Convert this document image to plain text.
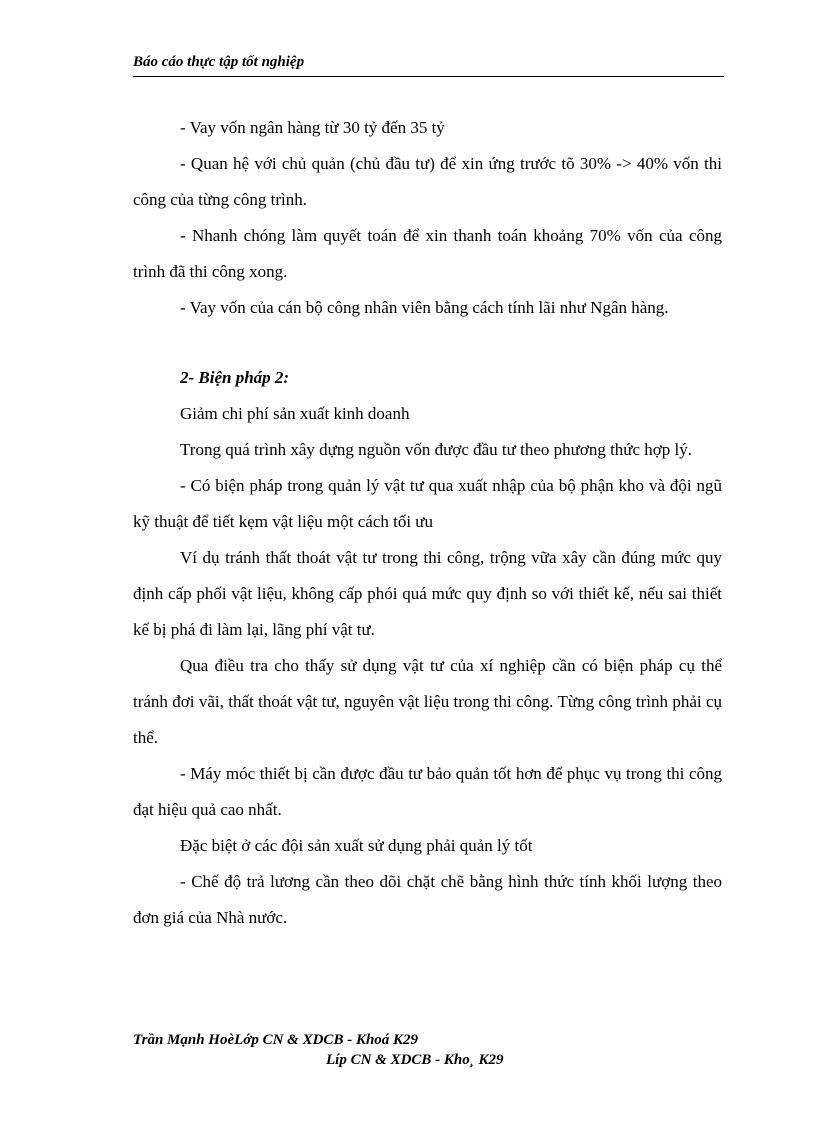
Báo cáo thực tập tốt nghiệp

- Vay vốn ngân hàng từ 30 tỷ đến 35 tỷ

- Quan hệ với chủ quản (chủ đầu tư) để xin ứng trước tõ 30% -> 40% vốn thi công của từng công trình.

- Nhanh chóng làm quyết toán để xin thanh toán khoảng 70% vốn của công trình đã thi công xong.

- Vay vốn của cán bộ công nhân viên bằng cách tính lãi như Ngân hàng.

2- Biện pháp 2:

Giảm chi phí sản xuất kinh doanh

Trong quá trình xây dựng nguồn vốn được đầu tư theo phương thức hợp lý.

- Có biện pháp trong quản lý vật tư qua xuất nhập của bộ phận kho và đội ngũ kỹ thuật để tiết kẹm vật liệu một cách tối ưu

Ví dụ tránh thất thoát vật tư trong thi công, trộng vữa xây cần đúng mức quy định cấp phối vật liệu, không cấp phói quá mức quy định so với thiết kế, nếu sai thiết kế bị phá đi làm lại, lãng phí vật tư.

Qua điều tra cho thấy sử dụng vật tư của xí nghiệp cần có biện pháp cụ thể tránh đơi vãi, thất thoát vật tư, nguyên vật liệu trong thi công. Từng công trình phải cụ thể.

- Máy móc thiết bị cần được đầu tư bảo quản tốt hơn để phục vụ trong thi công đạt hiệu quả cao nhất.

Đặc biệt ở các đội sản xuất sử dụng phải quản lý tốt

- Chế độ trả lương cần theo dõi chặt chẽ bằng hình thức tính khối lượng theo đơn giá của Nhà nước.

Trần Mạnh HoèLớp CN & XDCB - Khoá K29
Líp CN & XDCB - Kho¸ K29
